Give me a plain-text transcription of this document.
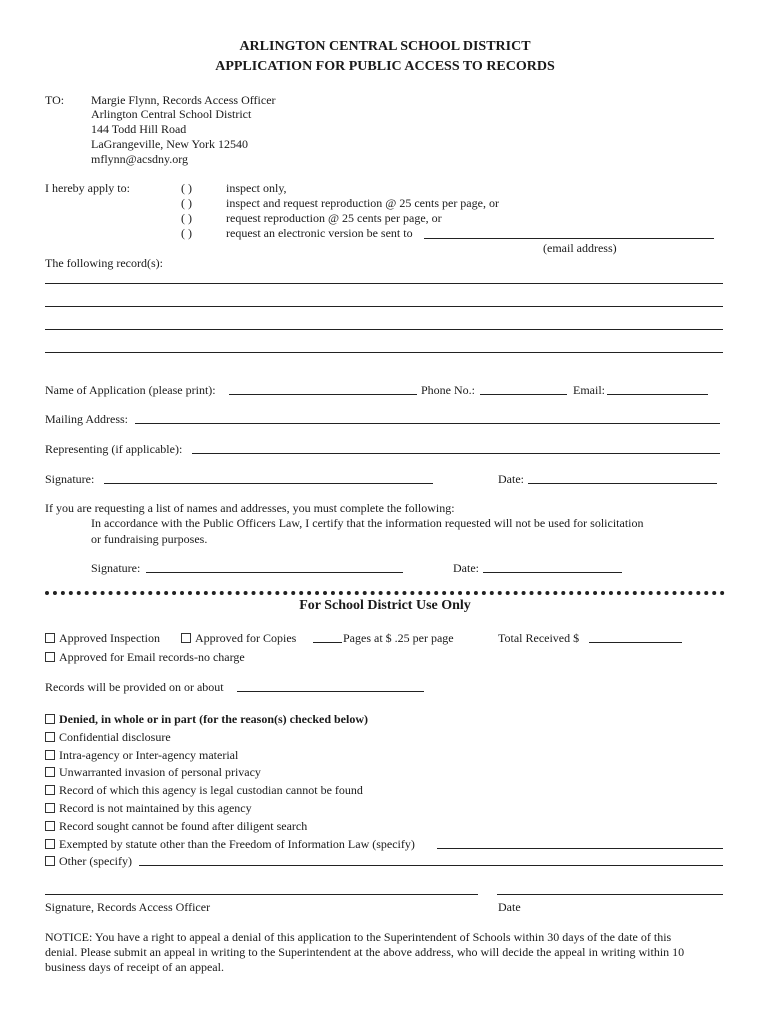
ARLINGTON CENTRAL SCHOOL DISTRICT
APPLICATION FOR PUBLIC ACCESS TO RECORDS
TO: Margie Flynn, Records Access Officer
Arlington Central School District
144 Todd Hill Road
LaGrangeville, New York 12540
mflynn@acsdny.org
I hereby apply to:	( )	inspect only,
( )	inspect and request reproduction @ 25 cents per page, or
( )	request reproduction @ 25 cents per page, or
( )	request an electronic version be sent to
(email address)
The following record(s):
Name of Application (please print):	Phone No.:	Email:
Mailing Address:
Representing (if applicable):
Signature:	Date:
If you are requesting a list of names and addresses, you must complete the following:
In accordance with the Public Officers Law, I certify that the information requested will not be used for solicitation
or fundraising purposes.
Signature:	Date:
For School District Use Only
Approved Inspection	Approved for Copies	Pages at $ .25 per page	Total Received $
Approved for Email records-no charge
Records will be provided on or about
Denied, in whole or in part (for the reason(s) checked below)
Confidential disclosure
Intra-agency or Inter-agency material
Unwarranted invasion of personal privacy
Record of which this agency is legal custodian cannot be found
Record is not maintained by this agency
Record sought cannot be found after diligent search
Exempted by statute other than the Freedom of Information Law (specify)
Other (specify)
Signature, Records Access Officer	Date
NOTICE: You have a right to appeal a denial of this application to the Superintendent of Schools within 30 days of the date of this
denial. Please submit an appeal in writing to the Superintendent at the above address, who will decide the appeal in writing within 10
business days of receipt of an appeal.
